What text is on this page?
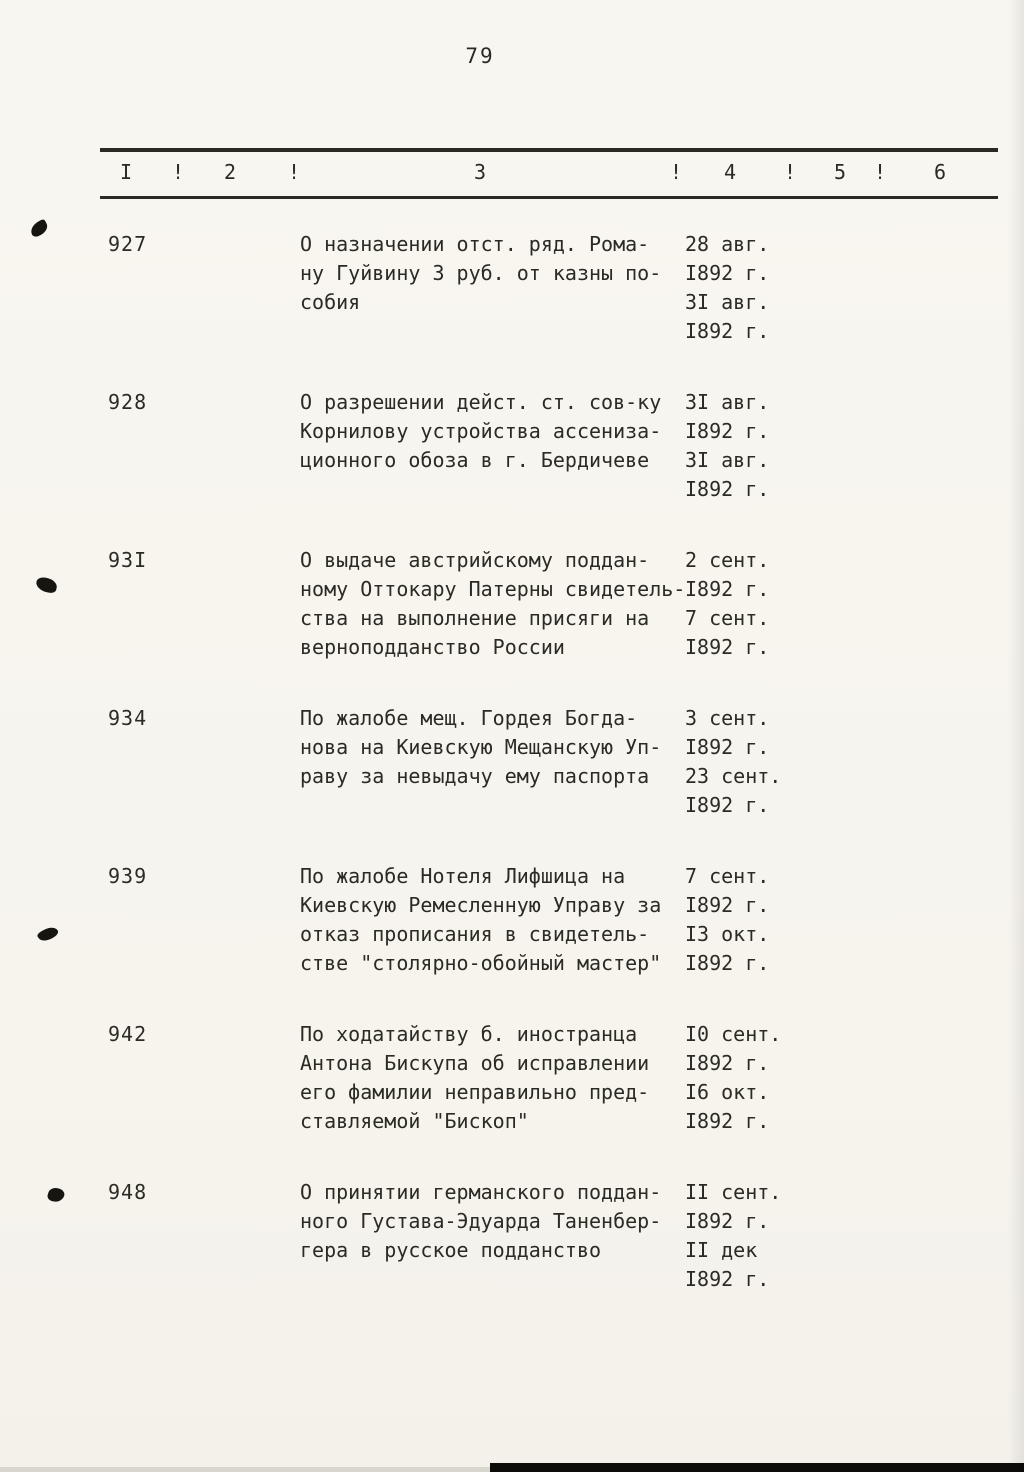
79
I ! 2	!	3	! 4 ! 5 ! 6
927	О назначении отст. ряд. Рома-	28 авг.
ну Гуйвину 3 руб. от казны по-	I892 г.
собия	3I авг.
I892 г.
928	О разрешении дейст. ст. сов-ку	3I авг.
Корнилову устройства ассениза-	I892 г.
ционного обоза в г. Бердичеве	3I авг.
I892 г.
93I	О выдаче австрийскому поддан-	2 сент.
ному Оттокару Патерны свидетель- I892 г.
ства на выполнение присяги на	7 сент.
верноподданство России	I892 г.
934	По жалобе мещ. Гордея Богда-	3 сент.
нова на Киевскую Мещанскую Уп-	I892 г.
раву за невыдачу ему паспорта	23 сент.
I892 г.
939	По жалобе Нотеля Лифшица на	7 сент.
Киевскую Ремесленную Управу за	I892 г.
отказ прописания в свидетель-	I3 окт.
стве "столярно-обойный мастер"	I892 г.
942	По ходатайству б. иностранца	I0 сент.
Антона Бискупа об исправлении	I892 г.
его фамилии неправильно пред-	I6 окт.
ставляемой "Бископ"	I892 г.
948	О принятии германского поддан-	II сент.
ного Густава-Эдуарда Таненбер-	I892 г.
гера в русское подданство	II дек
I892 г.
